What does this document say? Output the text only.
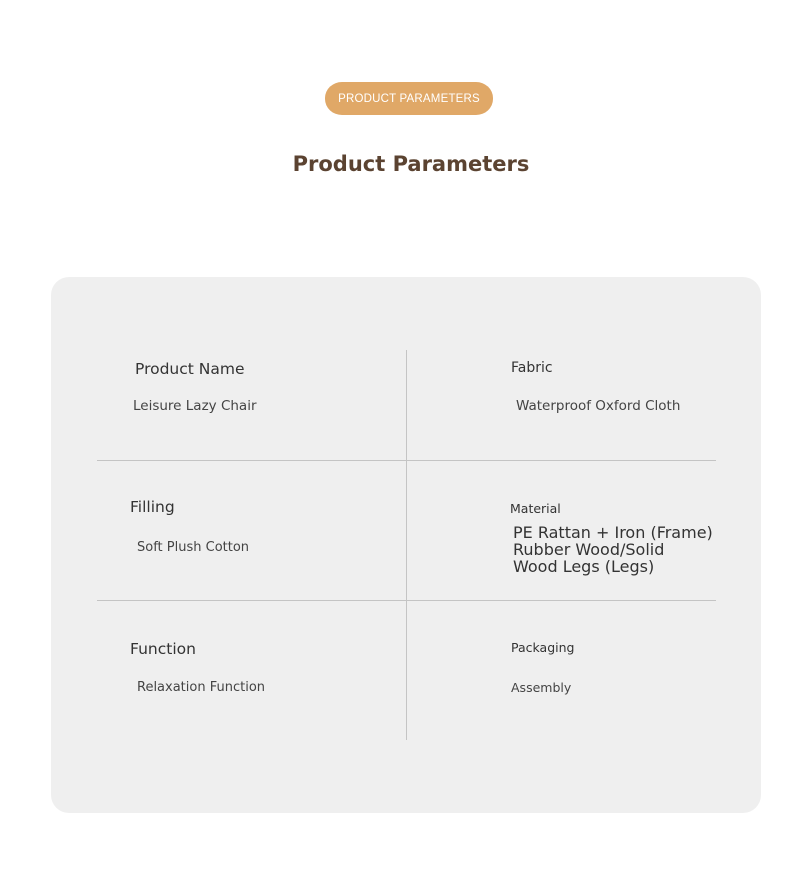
PRODUCT PARAMETERS
Product Parameters
Product Name
Leisure Lazy Chair
Fabric
Waterproof Oxford Cloth
Filling
Soft Plush Cotton
Material
PE Rattan + Iron (Frame) Rubber Wood/Solid Wood Legs (Legs)
Function
Relaxation Function
Packaging
Assembly
